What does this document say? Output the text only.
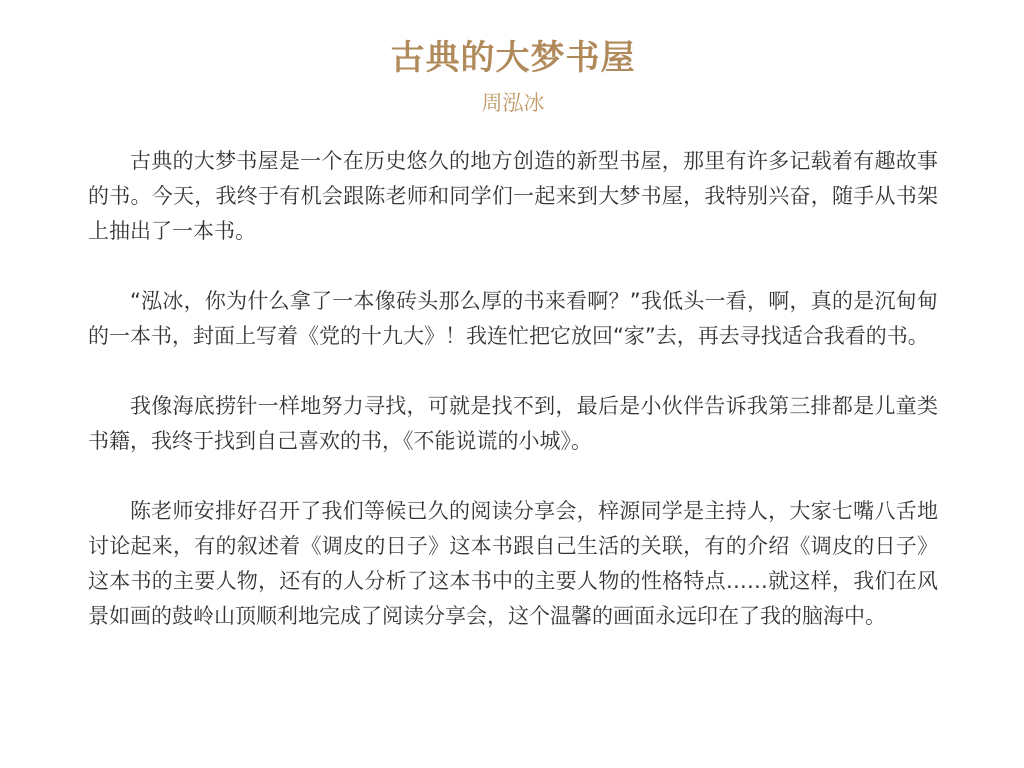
古典的大梦书屋
周泓冰

古典的大梦书屋是一个在历史悠久的地方创造的新型书屋，那里有许多记载着有趣故事的书。今天，我终于有机会跟陈老师和同学们一起来到大梦书屋，我特别兴奋，随手从书架上抽出了一本书。

“泓冰，你为什么拿了一本像砖头那么厚的书来看啊？”我低头一看，啊，真的是沉甸甸的一本书，封面上写着《党的十九大》！我连忙把它放回“家”去，再去寻找适合我看的书。

我像海底捞针一样地努力寻找，可就是找不到，最后是小伙伴告诉我第三排都是儿童类书籍，我终于找到自己喜欢的书，《不能说谎的小城》。

陈老师安排好召开了我们等候已久的阅读分享会，梓源同学是主持人，大家七嘴八舌地讨论起来，有的叙述着《调皮的日子》这本书跟自己生活的关联，有的介绍《调皮的日子》这本书的主要人物，还有的人分析了这本书中的主要人物的性格特点……就这样，我们在风景如画的鼓岭山顶顺利地完成了阅读分享会，这个温馨的画面永远印在了我的脑海中。
